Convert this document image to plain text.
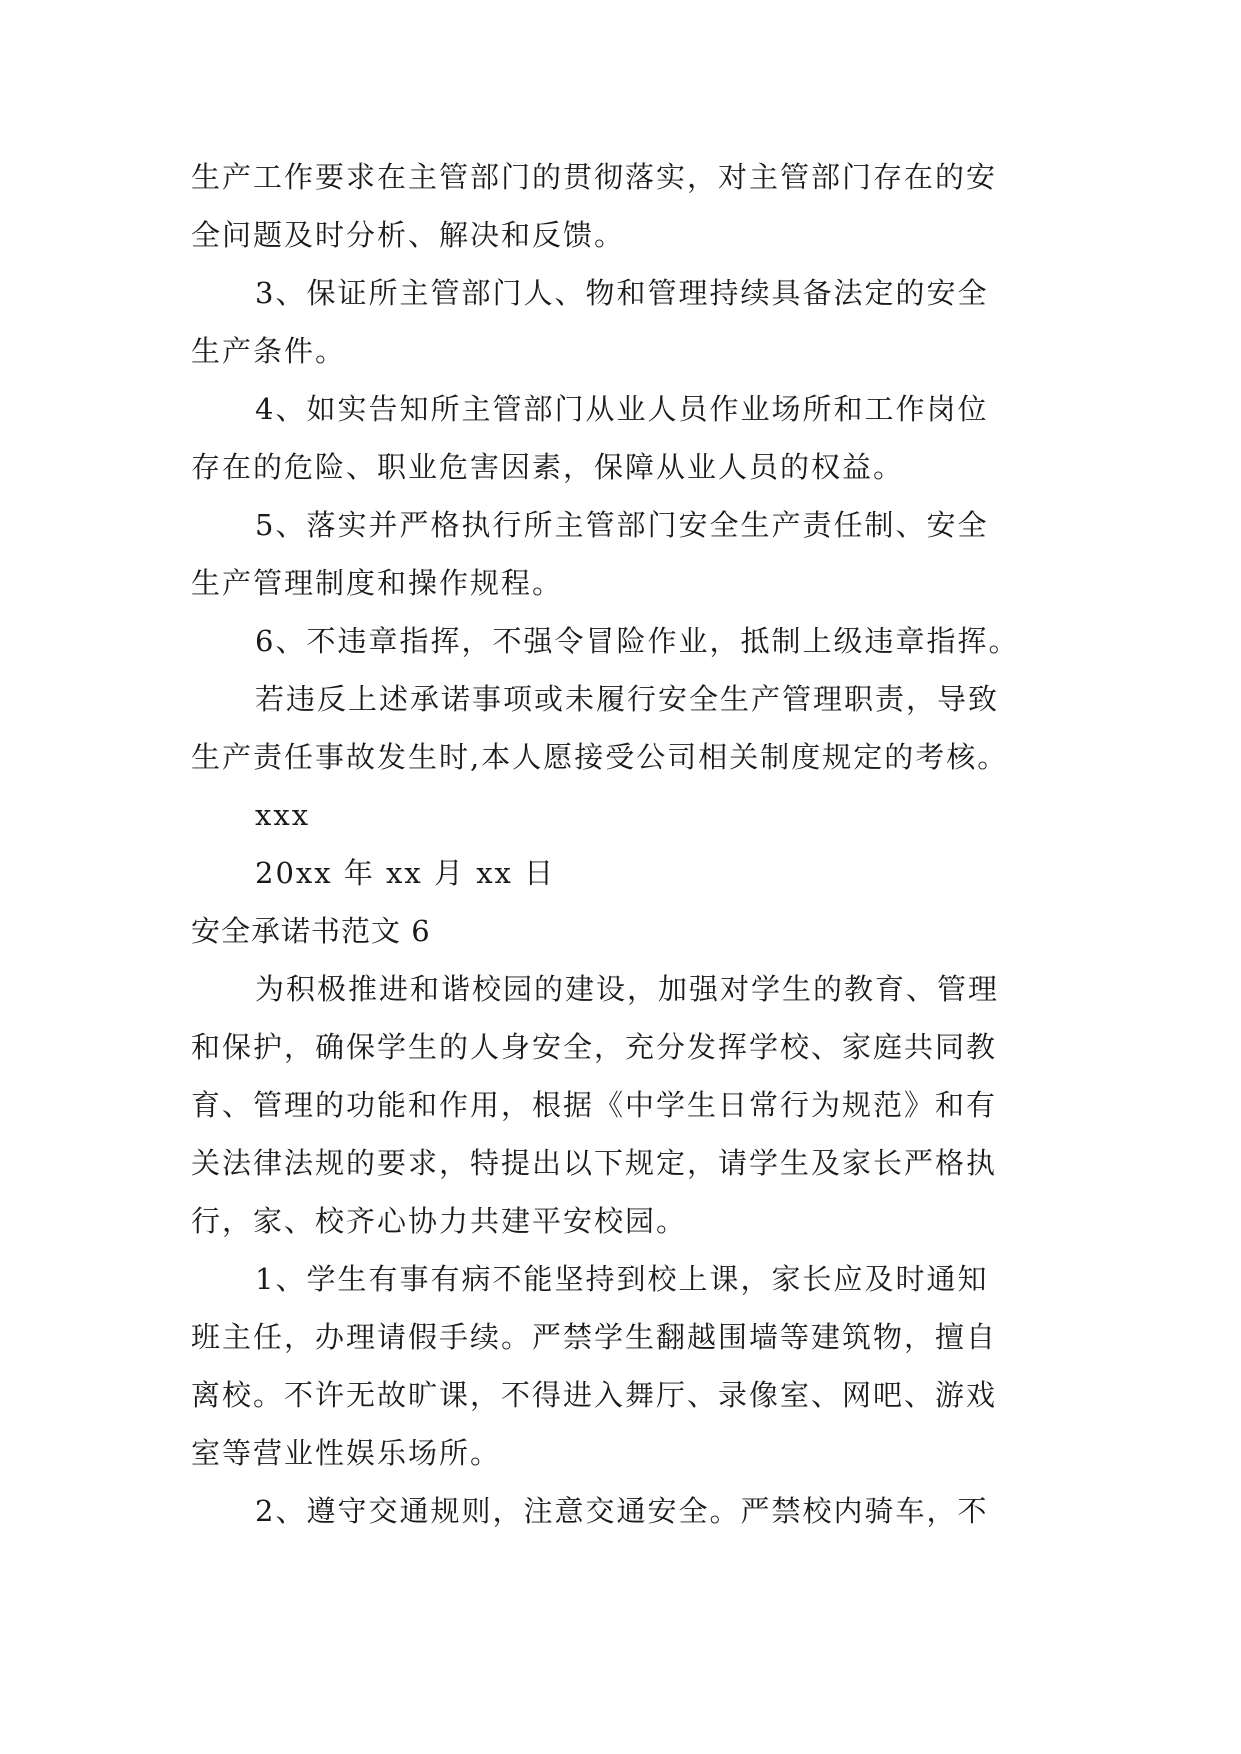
生产工作要求在主管部门的贯彻落实，对主管部门存在的安

全问题及时分析、解决和反馈。

3、保证所主管部门人、物和管理持续具备法定的安全

生产条件。

4、如实告知所主管部门从业人员作业场所和工作岗位

存在的危险、职业危害因素，保障从业人员的权益。

5、落实并严格执行所主管部门安全生产责任制、安全

生产管理制度和操作规程。

6、不违章指挥，不强令冒险作业，抵制上级违章指挥。

若违反上述承诺事项或未履行安全生产管理职责，导致

生产责任事故发生时,本人愿接受公司相关制度规定的考核。

xxx

20xx 年 xx 月 xx 日

安全承诺书范文 6

为积极推进和谐校园的建设，加强对学生的教育、管理

和保护，确保学生的人身安全，充分发挥学校、家庭共同教

育、管理的功能和作用，根据《中学生日常行为规范》和有

关法律法规的要求，特提出以下规定，请学生及家长严格执

行，家、校齐心协力共建平安校园。

1、学生有事有病不能坚持到校上课，家长应及时通知

班主任，办理请假手续。严禁学生翻越围墙等建筑物，擅自

离校。不许无故旷课，不得进入舞厅、录像室、网吧、游戏

室等营业性娱乐场所。

2、遵守交通规则，注意交通安全。严禁校内骑车，不
